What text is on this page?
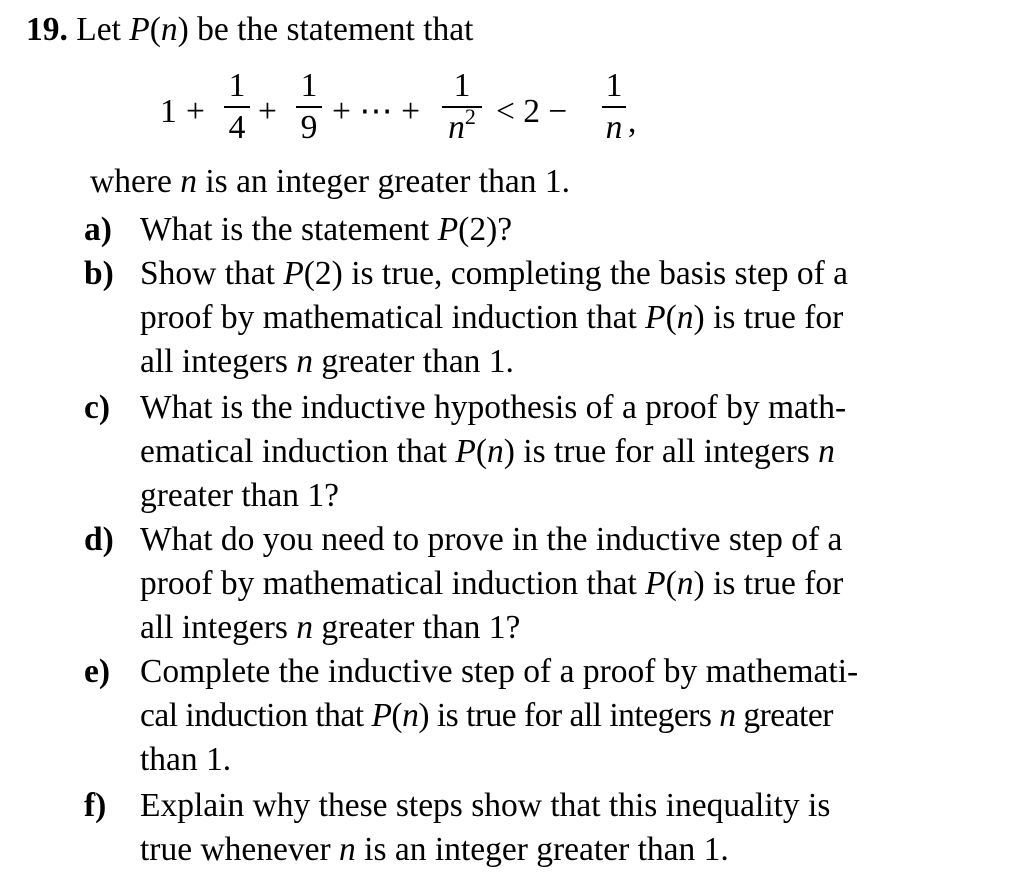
19. Let P(n) be the statement that
1 +
1
4 +
1
9 + ⋯ +
1
$n^2 < 2$ −
1
n ,
where n is an integer greater than 1.
a) What is the statement P(2)?
b) Show that P(2) is true, completing the basis step of a
proof by mathematical induction that P(n) is true for
all integers n greater than 1.
c) What is the inductive hypothesis of a proof by math-
ematical induction that P(n) is true for all integers n
greater than 1?
d) What do you need to prove in the inductive step of a
proof by mathematical induction that P(n) is true for
all integers n greater than 1?
e) Complete the inductive step of a proof by mathemati-
cal induction that P(n) is true for all integers n greater
than 1.
f) Explain why these steps show that this inequality is
true whenever n is an integer greater than 1.
